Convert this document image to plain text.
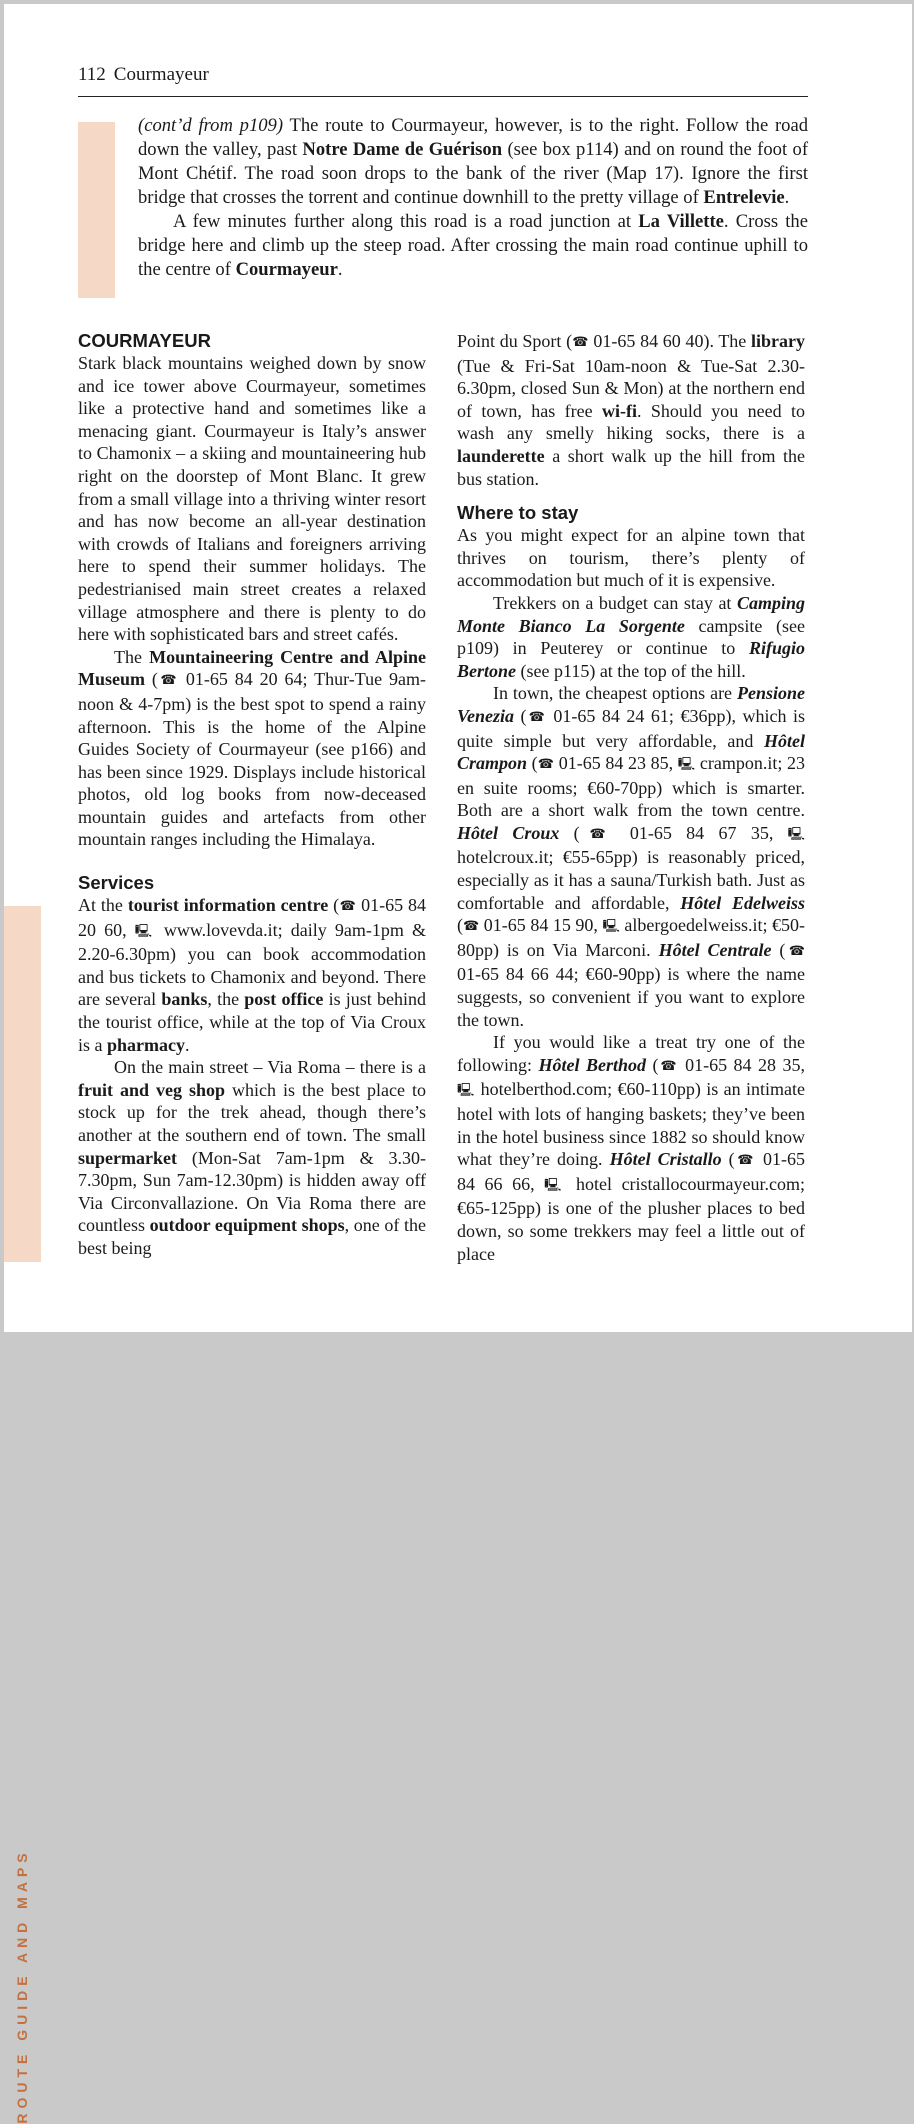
112 Courmayeur

(cont’d from p109) The route to Courmayeur, however, is to the right. Follow the road down the valley, past Notre Dame de Guérison (see box p114) and on round the foot of Mont Chétif. The road soon drops to the bank of the river (Map 17). Ignore the first bridge that crosses the torrent and continue downhill to the pretty village of Entrelevie.

A few minutes further along this road is a road junction at La Villette. Cross the bridge here and climb up the steep road. After crossing the main road continue uphill to the centre of Courmayeur.

COURMAYEUR

Stark black mountains weighed down by snow and ice tower above Courmayeur, sometimes like a protective hand and sometimes like a menacing giant. Courmayeur is Italy’s answer to Chamonix – a skiing and mountaineering hub right on the doorstep of Mont Blanc. It grew from a small village into a thriving winter resort and has now become an all-year destination with crowds of Italians and foreigners arriving here to spend their summer holidays. The pedestrianised main street creates a relaxed village atmosphere and there is plenty to do here with sophisticated bars and street cafés.

The Mountaineering Centre and Alpine Museum (☎ 01-65 84 20 64; Thur-Tue 9am-noon & 4-7pm) is the best spot to spend a rainy afternoon. This is the home of the Alpine Guides Society of Courmayeur (see p166) and has been since 1929. Displays include historical photos, old log books from now-deceased mountain guides and artefacts from other mountain ranges including the Himalaya.

Services

At the tourist information centre (☎ 01-65 84 20 60, 🖳 www.lovevda.it; daily 9am-1pm & 2.20-6.30pm) you can book accommodation and bus tickets to Chamonix and beyond. There are several banks, the post office is just behind the tourist office, while at the top of Via Croux is a pharmacy.

On the main street – Via Roma – there is a fruit and veg shop which is the best place to stock up for the trek ahead, though there’s another at the southern end of town. The small supermarket (Mon-Sat 7am-1pm & 3.30-7.30pm, Sun 7am-12.30pm) is hidden away off Via Circonvallazione. On Via Roma there are countless outdoor equipment shops, one of the best being

Point du Sport (☎ 01-65 84 60 40). The library (Tue & Fri-Sat 10am-noon & Tue-Sat 2.30-6.30pm, closed Sun & Mon) at the northern end of town, has free wi-fi. Should you need to wash any smelly hiking socks, there is a launderette a short walk up the hill from the bus station.

Where to stay

As you might expect for an alpine town that thrives on tourism, there’s plenty of accommodation but much of it is expensive.

Trekkers on a budget can stay at Camping Monte Bianco La Sorgente campsite (see p109) in Peuterey or continue to Rifugio Bertone (see p115) at the top of the hill.

In town, the cheapest options are Pensione Venezia (☎ 01-65 84 24 61; €36pp), which is quite simple but very affordable, and Hôtel Crampon (☎ 01-65 84 23 85, 🖳 crampon.it; 23 en suite rooms; €60-70pp) which is smarter. Both are a short walk from the town centre. Hôtel Croux (☎ 01-65 84 67 35, 🖳 hotelcroux.it; €55-65pp) is reasonably priced, especially as it has a sauna/Turkish bath. Just as comfortable and affordable, Hôtel Edelweiss (☎ 01-65 84 15 90, 🖳 albergoedelweiss.it; €50-80pp) is on Via Marconi. Hôtel Centrale (☎ 01-65 84 66 44; €60-90pp) is where the name suggests, so convenient if you want to explore the town.

If you would like a treat try one of the following: Hôtel Berthod (☎ 01-65 84 28 35, 🖳 hotelberthod.com; €60-110pp) is an intimate hotel with lots of hanging baskets; they’ve been in the hotel business since 1882 so should know what they’re doing. Hôtel Cristallo (☎ 01-65 84 66 66, 🖳 hotel cristallocourmayeur.com; €65-125pp) is one of the plusher places to bed down, so some trekkers may feel a little out of place

ROUTE GUIDE AND MAPS
